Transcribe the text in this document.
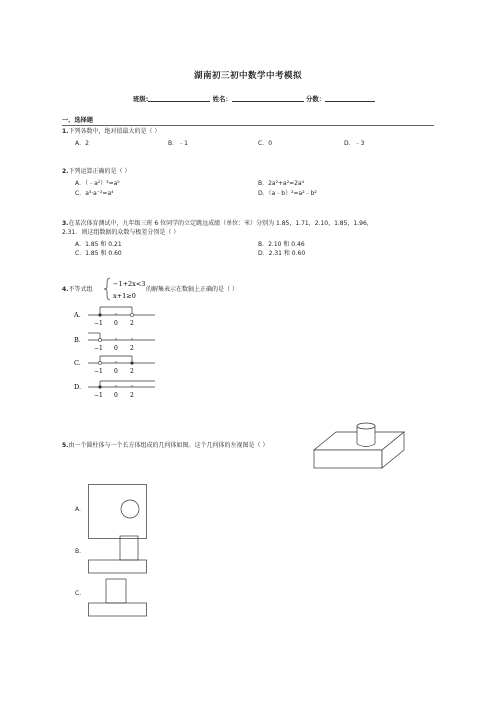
湖南初三初中数学中考模拟
班级:	姓名：	分数：
一、选择题
1.下列各数中，绝对值最大的是（ ）
A．2	B．﹣1	C．0	D．﹣3
2.下列运算正确的是（ ）
A．（﹣a²）³=a⁵	B．2a²+a²=2a⁴
C．a³·a⁻²=a⁴	D．（a﹣b）²=a²﹣b²
3.在某次体育测试中，九年级三班 6 位同学的立定跳远成绩（单位：米）分别为 1.85，1.71，2.10，1.85，1.96，
2.31．则这组数据的众数与极差分别是（ ）
A．1.85 和 0.21	B．2.10 和 0.46
C．1.85 和 0.60	D．2.31 和 0.60
4.不等式组
−1+2x<3
x+1≥0
的解集表示在数轴上正确的是（ ）
A.
−1 0 2
B.
−1 0 2
C.
−1 0 2
D.
−1 0 2
5.由一个圆柱体与一个长方体组成的几何体如图。这个几何体的左视图是（ ）
A.
B.
C.
